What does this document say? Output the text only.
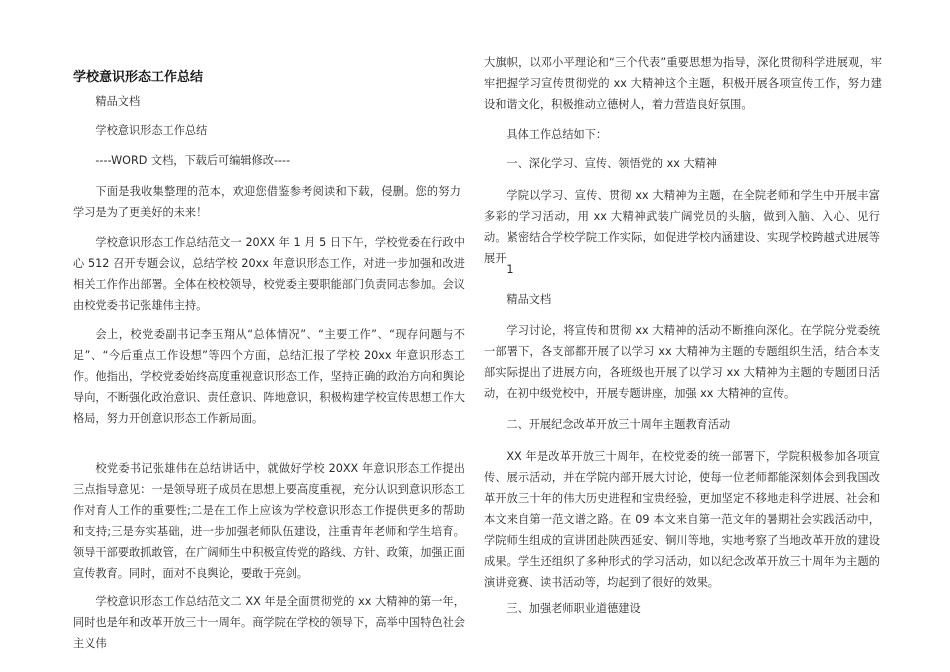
学校意识形态工作总结

精品文档

学校意识形态工作总结

----WORD 文档，下载后可编辑修改----

下面是我收集整理的范本，欢迎您借鉴参考阅读和下载，侵删。您的努力学习是为了更美好的未来！

学校意识形态工作总结范文一 20XX 年 1 月 5 日下午，学校党委在行政中心 512 召开专题会议，总结学校 20xx 年意识形态工作，对进一步加强和改进相关工作作出部署。全体在校校领导，校党委主要职能部门负责同志参加。会议由校党委书记张雄伟主持。

会上，校党委副书记李玉翔从“总体情况”、“主要工作”、“现存问题与不足”、“今后重点工作设想”等四个方面，总结汇报了学校 20xx 年意识形态工作。他指出，学校党委始终高度重视意识形态工作，坚持正确的政治方向和舆论导向，不断强化政治意识、责任意识、阵地意识，积极构建学校宣传思想工作大格局，努力开创意识形态工作新局面。

校党委书记张雄伟在总结讲话中，就做好学校 20XX 年意识形态工作提出三点指导意见：一是领导班子成员在思想上要高度重视，充分认识到意识形态工作对育人工作的重要性;二是在工作上应该为学校意识形态工作提供更多的帮助和支持;三是夯实基础，进一步加强老师队伍建设，注重青年老师和学生培育。领导干部要敢抓敢管，在广阔师生中积极宣传党的路线、方针、政策，加强正面宣传教育。同时，面对不良舆论，要敢于亮剑。

学校意识形态工作总结范文二 XX 年是全面贯彻党的 xx 大精神的第一年，同时也是年和改革开放三十一周年。商学院在学校的领导下，高举中国特色社会主义伟

大旗帜，以邓小平理论和“三个代表”重要思想为指导，深化贯彻科学进展观，牢牢把握学习宣传贯彻党的 xx 大精神这个主题，积极开展各项宣传工作，努力建设和谐文化，积极推动立德树人，着力营造良好氛围。

具体工作总结如下：

一、深化学习、宣传、领悟党的 xx 大精神

学院以学习、宣传、贯彻 xx 大精神为主题，在全院老师和学生中开展丰富多彩的学习活动，用 xx 大精神武装广阔党员的头脑，做到入脑、入心、见行动。紧密结合学校学院工作实际，如促进学校内涵建设、实现学校跨越式进展等展开

1

精品文档

学习讨论，将宣传和贯彻 xx 大精神的活动不断推向深化。在学院分党委统一部署下，各支部都开展了以学习 xx 大精神为主题的专题组织生活，结合本支部实际提出了进展方向，各班级也开展了以学习 xx 大精神为主题的专题团日活动，在初中级党校中，开展专题讲座，加强 xx 大精神的宣传。

二、开展纪念改革开放三十周年主题教育活动

XX 年是改革开放三十周年，在校党委的统一部署下，学院积极参加各项宣传、展示活动，并在学院内部开展大讨论，使每一位老师都能深刻体会到我国改革开放三十年的伟大历史进程和宝贵经验，更加坚定不移地走科学进展、社会和本文来自第一范文谱之路。在 09 本文来自第一范文年的暑期社会实践活动中，学院师生组成的宣讲团赴陕西延安、铜川等地，实地考察了当地改革开放的建设成果。学生还组织了多种形式的学习活动，如以纪念改革开放三十周年为主题的演讲竞赛、读书活动等，均起到了很好的效果。

三、加强老师职业道德建设
